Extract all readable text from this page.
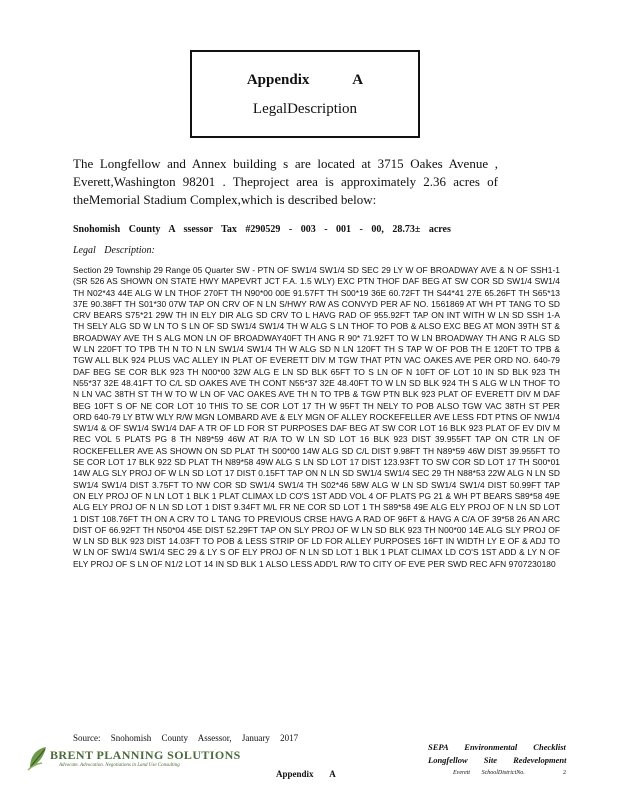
Appendix A
LegalDescription
The Longfellow and Annex building s are located at 3715 Oakes Avenue , Everett,Washington 98201 . Theproject area is approximately 2.36 acres of theMemorial Stadium Complex,which is described below:
Snohomish County A ssessor Tax #290529 - 003 - 001 - 00, 28.73± acres
Legal Description:
Section 29 Township 29 Range 05 Quarter SW - PTN OF SW1/4 SW1/4 SD SEC 29 LY W OF BROADWAY AVE & N OF SSH1-1 (SR 526 AS SHOWN ON STATE HWY MAPEVRT JCT F.A. 1.5 WLY) EXC PTN THOF DAF BEG AT SW COR SD SW1/4 SW1/4 TH N02*43 44E ALG W LN THOF 270FT TH N90*00 00E 91.57FT TH S00*19 36E 60.72FT TH S44*41 27E 65.26FT TH S65*13 37E 90.38FT TH S01*30 07W TAP ON CRV OF N LN S/HWY R/W AS CONVYD PER AF NO. 1561869 AT WH PT TANG TO SD CRV BEARS S75*21 29W TH IN ELY DIR ALG SD CRV TO L HAVG RAD OF 955.92FT TAP ON INT WITH W LN SD SSH 1-A TH SELY ALG SD W LN TO S LN OF SD SW1/4 SW1/4 TH W ALG S LN THOF TO POB & ALSO EXC BEG AT MON 39TH ST & BROADWAY AVE TH S ALG MON LN OF BROADWAY40FT TH ANG R 90* 71.92FT TO W LN BROADWAY TH ANG R ALG SD W LN 220FT TO TPB TH N TO N LN SW1/4 SW1/4 TH W ALG SD N LN 120FT TH S TAP W OF POB TH E 120FT TO TPB & TGW ALL BLK 924 PLUS VAC ALLEY IN PLAT OF EVERETT DIV M TGW THAT PTN VAC OAKES AVE PER ORD NO. 640-79 DAF BEG SE COR BLK 923 TH N00*00 32W ALG E LN SD BLK 65FT TO S LN OF N 10FT OF LOT 10 IN SD BLK 923 TH N55*37 32E 48.41FT TO C/L SD OAKES AVE TH CONT N55*37 32E 48.40FT TO W LN SD BLK 924 TH S ALG W LN THOF TO N LN VAC 38TH ST TH W TO W LN OF VAC OAKES AVE TH N TO TPB & TGW PTN BLK 923 PLAT OF EVERETT DIV M DAF BEG 10FT S OF NE COR LOT 10 THIS TO SE COR LOT 17 TH W 95FT TH NELY TO POB ALSO TGW VAC 38TH ST PER ORD 640-79 LY BTW WLY R/W MGN LOMBARD AVE & ELY MGN OF ALLEY ROCKEFELLER AVE LESS FDT PTNS OF NW1/4 SW1/4 & OF SW1/4 SW1/4 DAF A TR OF LD FOR ST PURPOSES DAF BEG AT SW COR LOT 16 BLK 923 PLAT OF EV DIV M REC VOL 5 PLATS PG 8 TH N89*59 46W AT R/A TO W LN SD LOT 16 BLK 923 DIST 39.955FT TAP ON CTR LN OF ROCKEFELLER AVE AS SHOWN ON SD PLAT TH S00*00 14W ALG SD C/L DIST 9.98FT TH N89*59 46W DIST 39.955FT TO SE COR LOT 17 BLK 922 SD PLAT TH N89*58 49W ALG S LN SD LOT 17 DIST 123.93FT TO SW COR SD LOT 17 TH S00*01 14W ALG SLY PROJ OF W LN SD LOT 17 DIST 0.15FT TAP ON N LN SD SW1/4 SW1/4 SEC 29 TH N88*53 22W ALG N LN SD SW1/4 SW1/4 DIST 3.75FT TO NW COR SD SW1/4 SW1/4 TH S02*46 58W ALG W LN SD SW1/4 SW1/4 DIST 50.99FT TAP ON ELY PROJ OF N LN LOT 1 BLK 1 PLAT CLIMAX LD CO'S 1ST ADD VOL 4 OF PLATS PG 21 & WH PT BEARS S89*58 49E ALG ELY PROJ OF N LN SD LOT 1 DIST 9.34FT M/L FR NE COR SD LOT 1 TH S89*58 49E ALG ELY PROJ OF N LN SD LOT 1 DIST 108.76FT TH ON A CRV TO L TANG TO PREVIOUS CRSE HAVG A RAD OF 96FT & HAVG A C/A OF 39*58 26 AN ARC DIST OF 66.92FT TH N50*04 45E DIST 52.29FT TAP ON SLY PROJ OF W LN SD BLK 923 TH N00*00 14E ALG SLY PROJ OF W LN SD BLK 923 DIST 14.03FT TO POB & LESS STRIP OF LD FOR ALLEY PURPOSES 16FT IN WIDTH LY E OF & ADJ TO W LN OF SW1/4 SW1/4 SEC 29 & LY S OF ELY PROJ OF N LN SD LOT 1 BLK 1 PLAT CLIMAX LD CO'S 1ST ADD & LY N OF ELY PROJ OF S LN OF N1/2 LOT 14 IN SD BLK 1 ALSO LESS ADD'L R/W TO CITY OF EVE PER SWD REC AFN 9707230180
Source: Snohomish County Assessor, January 2017
BRENT PLANNING SOLUTIONS
Advocate. Advocation. Negotiations in Land Use Consulting
Appendix A
SEPA Environmental Checklist
Longfellow Site Redevelopment
Everett SchoolDistrictNo.	2
